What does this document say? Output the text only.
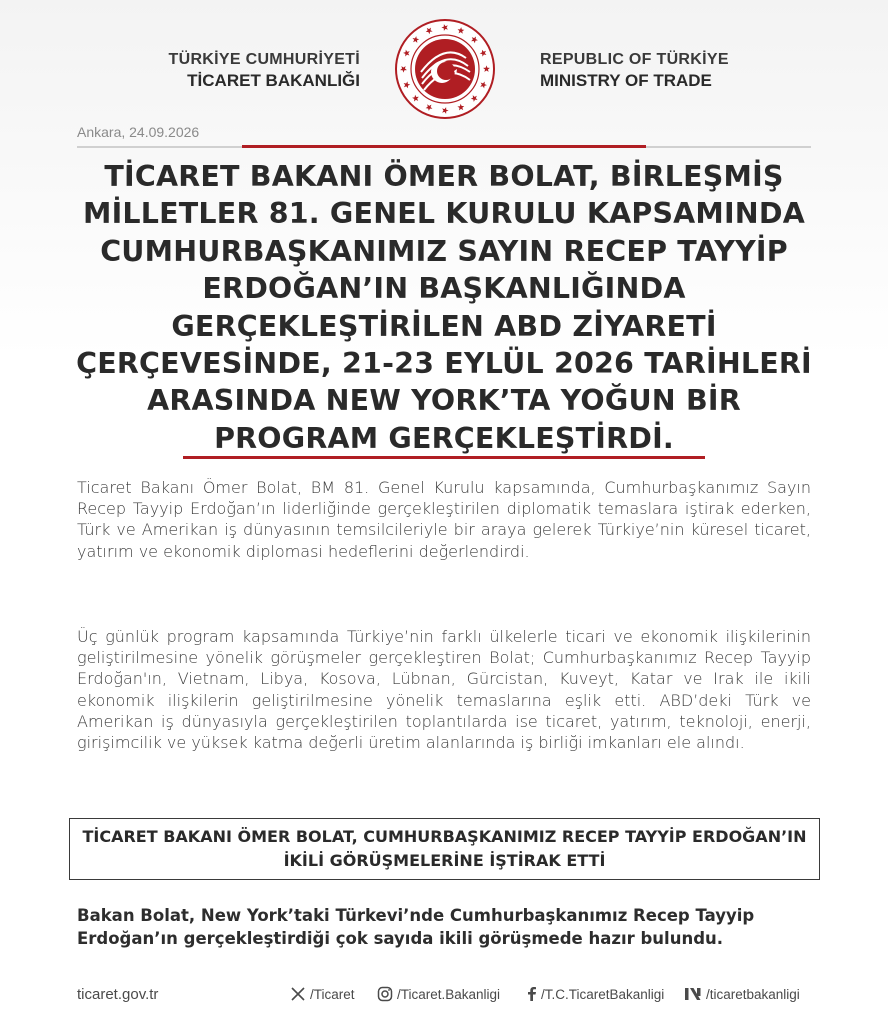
TÜRKİYE CUMHURİYETİ
TİCARET BAKANLIĞI
REPUBLIC OF TÜRKİYE
MINISTRY OF TRADE
Ankara, 24.09.2026
TİCARET BAKANI ÖMER BOLAT, BİRLEŞMİŞ
MİLLETLER 81. GENEL KURULU KAPSAMINDA
CUMHURBAŞKANIMIZ SAYIN RECEP TAYYİP
ERDOĞAN’IN BAŞKANLIĞINDA
GERÇEKLEŞTİRİLEN ABD ZİYARETİ
ÇERÇEVESİNDE, 21-23 EYLÜL 2026 TARİHLERİ
ARASINDA NEW YORK’TA YOĞUN BİR
PROGRAM GERÇEKLEŞTİRDİ.
Ticaret Bakanı Ömer Bolat, BM 81. Genel Kurulu kapsamında, Cumhurbaşkanımız Sayın Recep Tayyip Erdoğan’ın liderliğinde gerçekleştirilen diplomatik temaslara iştirak ederken, Türk ve Amerikan iş dünyasının temsilcileriyle bir araya gelerek Türkiye’nin küresel ticaret, yatırım ve ekonomik diplomasi hedeflerini değerlendirdi.
Üç günlük program kapsamında Türkiye’nin farklı ülkelerle ticari ve ekonomik ilişkilerinin geliştirilmesine yönelik görüşmeler gerçekleştiren Bolat; Cumhurbaşkanımız Recep Tayyip Erdoğan'ın, Vietnam, Libya, Kosova, Lübnan, Gürcistan, Kuveyt, Katar ve Irak ile ikili ekonomik ilişkilerin geliştirilmesine yönelik temaslarına eşlik etti. ABD’deki Türk ve Amerikan iş dünyasıyla gerçekleştirilen toplantılarda ise ticaret, yatırım, teknoloji, enerji, girişimcilik ve yüksek katma değerli üretim alanlarında iş birliği imkanları ele alındı.
TİCARET BAKANI ÖMER BOLAT, CUMHURBAŞKANIMIZ RECEP TAYYİP ERDOĞAN’IN İKİLİ GÖRÜŞMELERİNE İŞTİRAK ETTİ
Bakan Bolat, New York’taki Türkevi’nde Cumhurbaşkanımız Recep Tayyip Erdoğan’ın gerçekleştirdiği çok sayıda ikili görüşmede hazır bulundu.
ticaret.gov.tr	/Ticaret	/Ticaret.Bakanligi	/T.C.TicaretBakanligi	/ticaretbakanligi
